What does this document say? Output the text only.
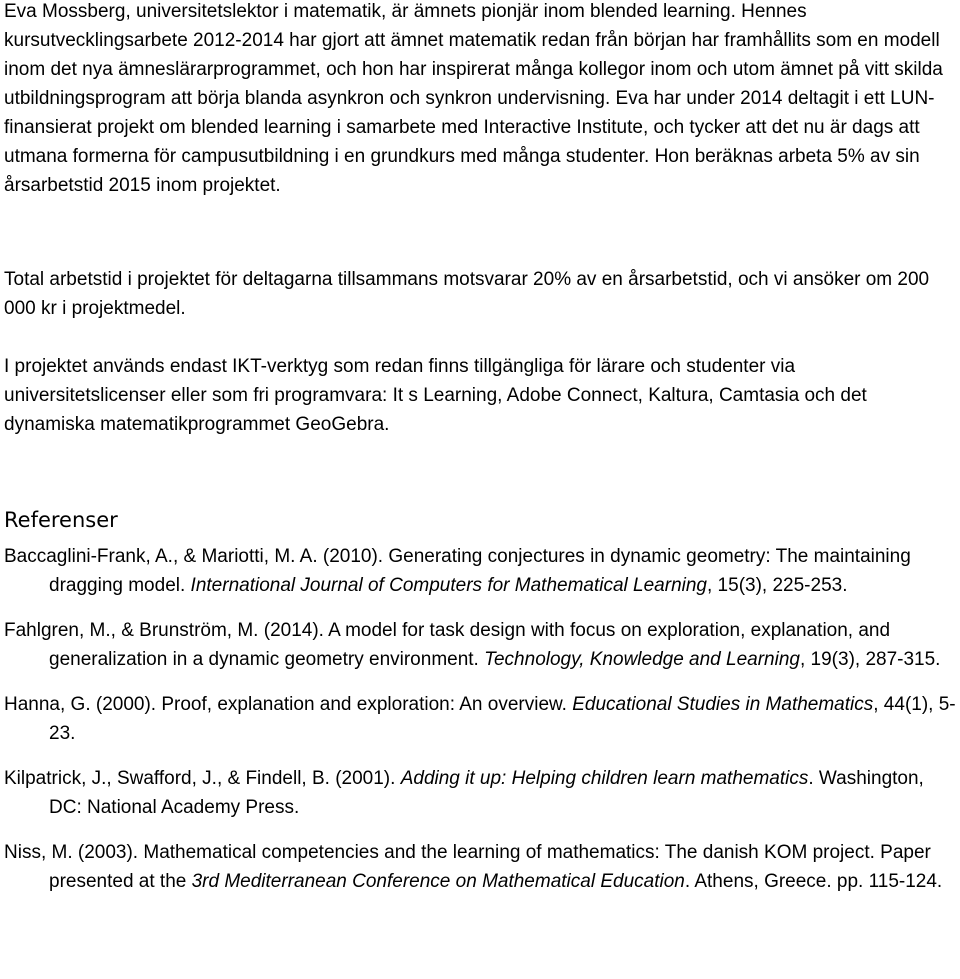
Eva Mossberg, universitetslektor i matematik, är ämnets pionjär inom blended learning. Hennes kursutvecklingsarbete 2012-2014 har gjort att ämnet matematik redan från början har framhållits som en modell inom det nya ämneslärarprogrammet, och hon har inspirerat många kollegor inom och utom ämnet på vitt skilda utbildningsprogram att börja blanda asynkron och synkron undervisning. Eva har under 2014 deltagit i ett LUN-finansierat projekt om blended learning i samarbete med Interactive Institute, och tycker att det nu är dags att utmana formerna för campusutbildning i en grundkurs med många studenter. Hon beräknas arbeta 5% av sin årsarbetstid 2015 inom projektet.

Total arbetstid i projektet för deltagarna tillsammans motsvarar 20% av en årsarbetstid, och vi ansöker om 200 000 kr i projektmedel.

I projektet används endast IKT-verktyg som redan finns tillgängliga för lärare och studenter via universitetslicenser eller som fri programvara: It s Learning, Adobe Connect, Kaltura, Camtasia och det dynamiska matematikprogrammet GeoGebra.

Referenser
Baccaglini-Frank, A., & Mariotti, M. A. (2010). Generating conjectures in dynamic geometry: The maintaining dragging model. International Journal of Computers for Mathematical Learning, 15(3), 225-253.
Fahlgren, M., & Brunström, M. (2014). A model for task design with focus on exploration, explanation, and generalization in a dynamic geometry environment. Technology, Knowledge and Learning, 19(3), 287-315.
Hanna, G. (2000). Proof, explanation and exploration: An overview. Educational Studies in Mathematics, 44(1), 5-23.
Kilpatrick, J., Swafford, J., & Findell, B. (2001). Adding it up: Helping children learn mathematics. Washington, DC: National Academy Press.
Niss, M. (2003). Mathematical competencies and the learning of mathematics: The danish KOM project. Paper presented at the 3rd Mediterranean Conference on Mathematical Education. Athens, Greece. pp. 115-124.
